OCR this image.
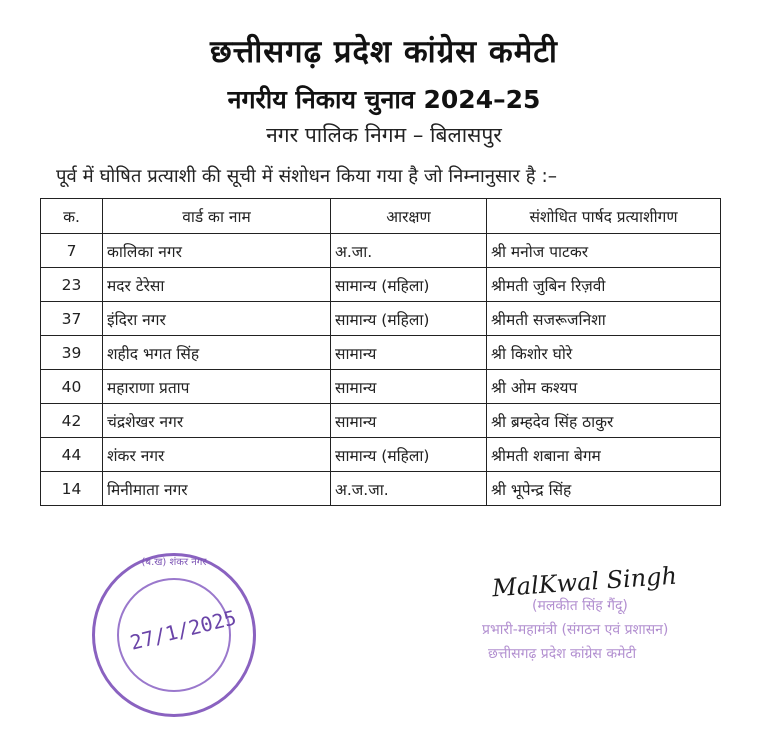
छत्तीसगढ़ प्रदेश कांग्रेस कमेटी
नगरीय निकाय चुनाव 2024–25
नगर पालिक निगम – बिलासपुर
पूर्व में घोषित प्रत्याशी की सूची में संशोधन किया गया है जो निम्नानुसार है :–
क.	वार्ड का नाम	आरक्षण	संशोधित पार्षद प्रत्याशीगण
7	कालिका नगर	अ.जा.	श्री मनोज पाटकर
23	मदर टेरेसा	सामान्य (महिला)	श्रीमती जुबिन रिज़वी
37	इंदिरा नगर	सामान्य (महिला)	श्रीमती सजरूजनिशा
39	शहीद भगत सिंह	सामान्य	श्री किशोर घोरे
40	महाराणा प्रताप	सामान्य	श्री ओम कश्यप
42	चंद्रशेखर नगर	सामान्य	श्री ब्रम्हदेव सिंह ठाकुर
44	शंकर नगर	सामान्य (महिला)	श्रीमती शबाना बेगम
14	मिनीमाता नगर	अ.ज.जा.	श्री भूपेन्द्र सिंह
(ब.ख) शंकर नगर
27/1/2025
MalKwal Singh
(मलकीत सिंह गैंदू)
प्रभारी-महामंत्री (संगठन एवं प्रशासन)
छत्तीसगढ़ प्रदेश कांग्रेस कमेटी
